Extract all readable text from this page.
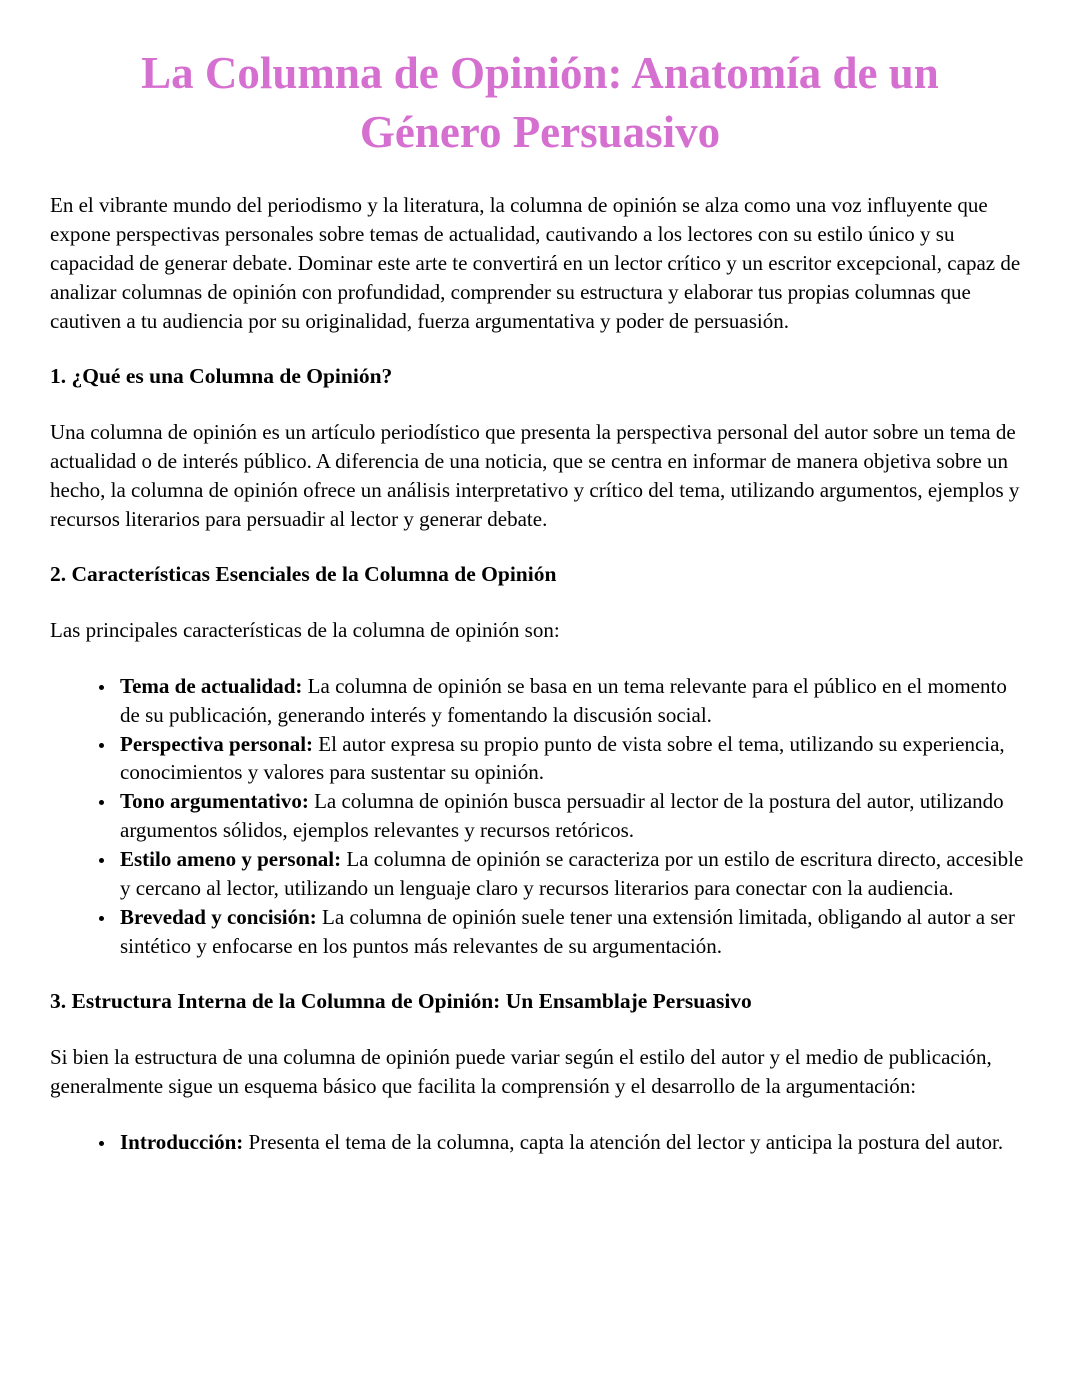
La Columna de Opinión: Anatomía de un Género Persuasivo

En el vibrante mundo del periodismo y la literatura, la columna de opinión se alza como una voz influyente que expone perspectivas personales sobre temas de actualidad, cautivando a los lectores con su estilo único y su capacidad de generar debate. Dominar este arte te convertirá en un lector crítico y un escritor excepcional, capaz de analizar columnas de opinión con profundidad, comprender su estructura y elaborar tus propias columnas que cautiven a tu audiencia por su originalidad, fuerza argumentativa y poder de persuasión.

1. ¿Qué es una Columna de Opinión?

Una columna de opinión es un artículo periodístico que presenta la perspectiva personal del autor sobre un tema de actualidad o de interés público. A diferencia de una noticia, que se centra en informar de manera objetiva sobre un hecho, la columna de opinión ofrece un análisis interpretativo y crítico del tema, utilizando argumentos, ejemplos y recursos literarios para persuadir al lector y generar debate.

2. Características Esenciales de la Columna de Opinión

Las principales características de la columna de opinión son:

• Tema de actualidad: La columna de opinión se basa en un tema relevante para el público en el momento de su publicación, generando interés y fomentando la discusión social.
• Perspectiva personal: El autor expresa su propio punto de vista sobre el tema, utilizando su experiencia, conocimientos y valores para sustentar su opinión.
• Tono argumentativo: La columna de opinión busca persuadir al lector de la postura del autor, utilizando argumentos sólidos, ejemplos relevantes y recursos retóricos.
• Estilo ameno y personal: La columna de opinión se caracteriza por un estilo de escritura directo, accesible y cercano al lector, utilizando un lenguaje claro y recursos literarios para conectar con la audiencia.
• Brevedad y concisión: La columna de opinión suele tener una extensión limitada, obligando al autor a ser sintético y enfocarse en los puntos más relevantes de su argumentación.
3. Estructura Interna de la Columna de Opinión: Un Ensamblaje Persuasivo

Si bien la estructura de una columna de opinión puede variar según el estilo del autor y el medio de publicación, generalmente sigue un esquema básico que facilita la comprensión y el desarrollo de la argumentación:

• Introducción: Presenta el tema de la columna, capta la atención del lector y anticipa la postura del autor.
